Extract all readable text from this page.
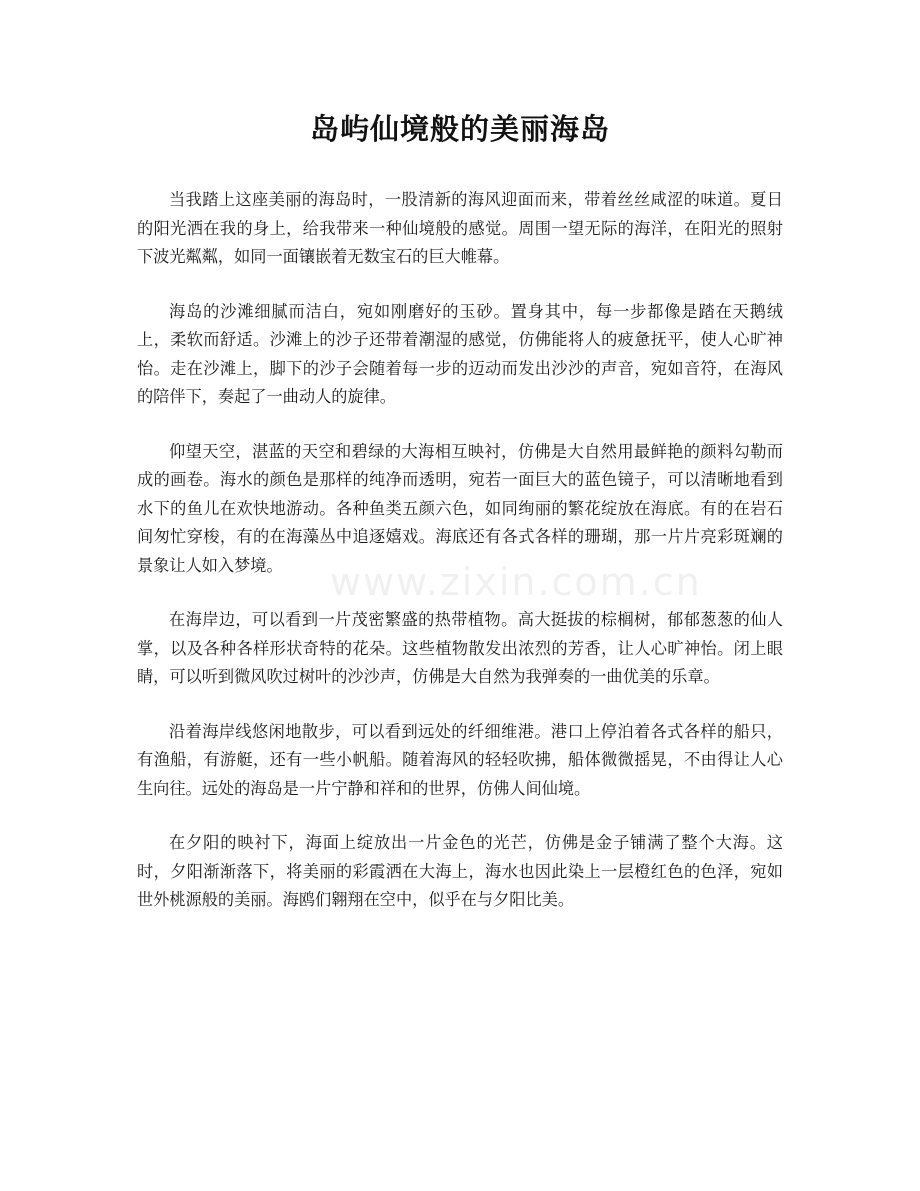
岛屿仙境般的美丽海岛

当我踏上这座美丽的海岛时，一股清新的海风迎面而来，带着丝丝咸涩的味道。夏日的阳光洒在我的身上，给我带来一种仙境般的感觉。周围一望无际的海洋，在阳光的照射下波光粼粼，如同一面镶嵌着无数宝石的巨大帷幕。

海岛的沙滩细腻而洁白，宛如刚磨好的玉砂。置身其中，每一步都像是踏在天鹅绒上，柔软而舒适。沙滩上的沙子还带着潮湿的感觉，仿佛能将人的疲惫抚平，使人心旷神怡。走在沙滩上，脚下的沙子会随着每一步的迈动而发出沙沙的声音，宛如音符，在海风的陪伴下，奏起了一曲动人的旋律。

仰望天空，湛蓝的天空和碧绿的大海相互映衬，仿佛是大自然用最鲜艳的颜料勾勒而成的画卷。海水的颜色是那样的纯净而透明，宛若一面巨大的蓝色镜子，可以清晰地看到水下的鱼儿在欢快地游动。各种鱼类五颜六色，如同绚丽的繁花绽放在海底。有的在岩石间匆忙穿梭，有的在海藻丛中追逐嬉戏。海底还有各式各样的珊瑚，那一片片亮彩斑斓的景象让人如入梦境。

在海岸边，可以看到一片茂密繁盛的热带植物。高大挺拔的棕榈树，郁郁葱葱的仙人掌，以及各种各样形状奇特的花朵。这些植物散发出浓烈的芳香，让人心旷神怡。闭上眼睛，可以听到微风吹过树叶的沙沙声，仿佛是大自然为我弹奏的一曲优美的乐章。

沿着海岸线悠闲地散步，可以看到远处的纤细维港。港口上停泊着各式各样的船只，有渔船，有游艇，还有一些小帆船。随着海风的轻轻吹拂，船体微微摇晃，不由得让人心生向往。远处的海岛是一片宁静和祥和的世界，仿佛人间仙境。

在夕阳的映衬下，海面上绽放出一片金色的光芒，仿佛是金子铺满了整个大海。这时，夕阳渐渐落下，将美丽的彩霞洒在大海上，海水也因此染上一层橙红色的色泽，宛如世外桃源般的美丽。海鸥们翱翔在空中，似乎在与夕阳比美。

www.zixin.com.cn
